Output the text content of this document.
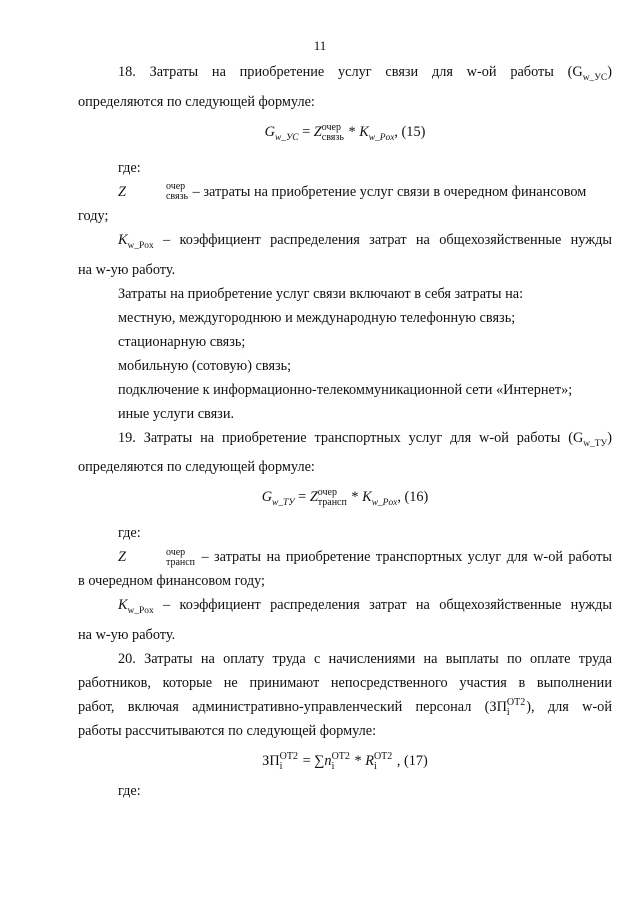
11

18. Затраты на приобретение услуг связи для w-ой работы $(G_{w\_УС})$

определяются по следующей формуле:

$G_{w\_УС} = Z$ очер
связь * $K_{w\_Pox}$, (15)

где:

Z	очер
связь – затраты на приобретение услуг связи в очередном финансовом году;

$K_{w\_Pox}$ – коэффициент распределения затрат на общехозяйственные нужды

на w-ую работу.

Затраты на приобретение услуг связи включают в себя затраты на:

местную, междугороднюю и международную телефонную связь;

стационарную связь;

мобильную (сотовую) связь;

подключение к информационно-телекоммуникационной сети «Интернет»;

иные услуги связи.

19. Затраты на приобретение транспортных услуг для w-ой работы $(G_{w\_ТУ})$

определяются по следующей формуле:

$G_{w\_ТУ} = Z$ очер
трансп * $K_{w\_Pox}$, (16)

где:

Z	очер
трансп – затраты на приобретение транспортных услуг для w-ой работы

в очередном финансовом году;

$K_{w\_Pox}$ – коэффициент распределения затрат на общехозяйственные нужды

на w-ую работу.

20. Затраты на оплату труда с начислениями на выплаты по оплате труда

работников, которые не принимают непосредственного участия в выполнении

работ, включая административно-управленческий персонал (ЗП ОТ2
i	), для w-ой

работы рассчитываются по следующей формуле:

ЗП ОТ2
i	= ∑n ОТ2
i	* R ОТ2
i	, (17)

где:
